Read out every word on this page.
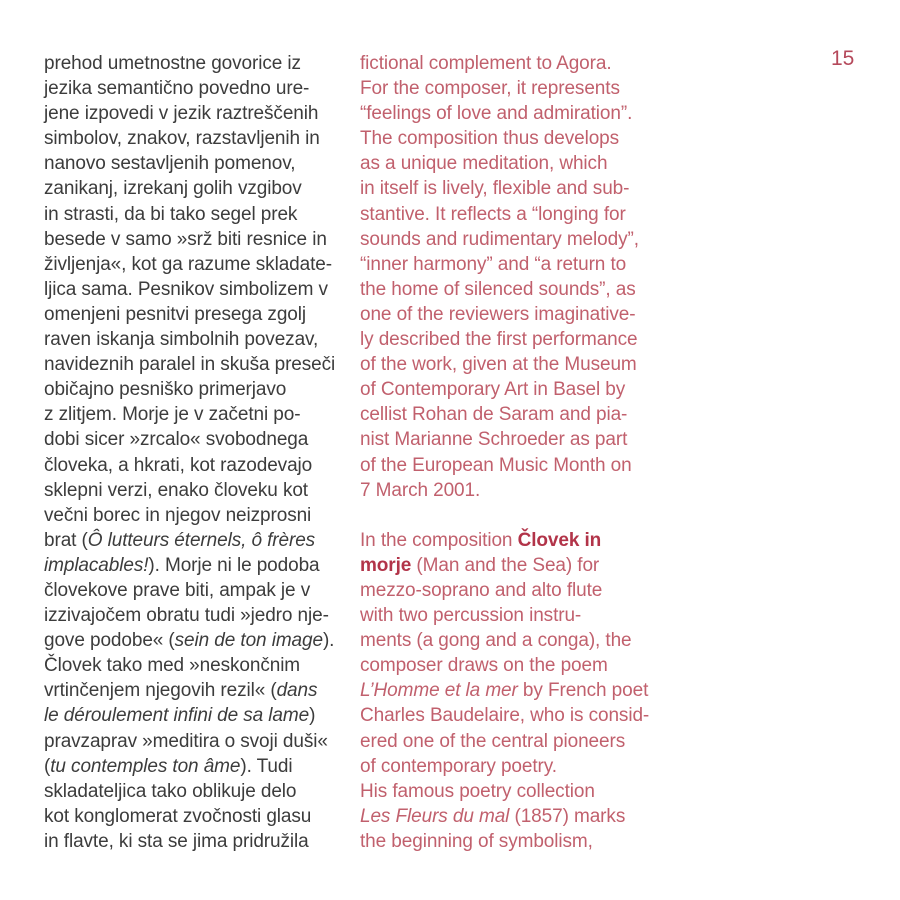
15
prehod umetnostne govorice iz
jezika semantično povedno ure-
jene izpovedi v jezik raztreščenih
simbolov, znakov, razstavljenih in
nanovo sestavljenih pomenov,
zanikanj, izrekanj golih vzgibov
in strasti, da bi tako segel prek
besede v samo »srž biti resnice in
življenja«, kot ga razume skladate-
ljica sama. Pesnikov simbolizem v
omenjeni pesnitvi presega zgolj
raven iskanja simbolnih povezav,
navideznih paralel in skuša preseči
običajno pesniško primerjavo
z zlitjem. Morje je v začetni po-
dobi sicer »zrcalo« svobodnega
človeka, a hkrati, kot razodevajo
sklepni verzi, enako človeku kot
večni borec in njegov neizprosni
brat (Ô lutteurs éternels, ô frères
implacables!). Morje ni le podoba
človekove prave biti, ampak je v
izzivajočem obratu tudi »jedro nje-
gove podobe« (sein de ton image).
Človek tako med »neskončnim
vrtinčenjem njegovih rezil« (dans
le déroulement infini de sa lame)
pravzaprav »meditira o svoji duši«
(tu contemples ton âme). Tudi
skladateljica tako oblikuje delo
kot konglomerat zvočnosti glasu
in flavte, ki sta se jima pridružila
fictional complement to Agora.
For the composer, it represents
“feelings of love and admiration”.
The composition thus develops
as a unique meditation, which
in itself is lively, flexible and sub-
stantive. It reflects a “longing for
sounds and rudimentary melody”,
“inner harmony” and “a return to
the home of silenced sounds”, as
one of the reviewers imaginative-
ly described the first performance
of the work, given at the Museum
of Contemporary Art in Basel by
cellist Rohan de Saram and pia-
nist Marianne Schroeder as part
of the European Music Month on
7 March 2001.

In the composition Človek in
morje (Man and the Sea) for
mezzo-soprano and alto flute
with two percussion instru-
ments (a gong and a conga), the
composer draws on the poem
L’Homme et la mer by French poet
Charles Baudelaire, who is consid-
ered one of the central pioneers
of contemporary poetry.
His famous poetry collection
Les Fleurs du mal (1857) marks
the beginning of symbolism,
